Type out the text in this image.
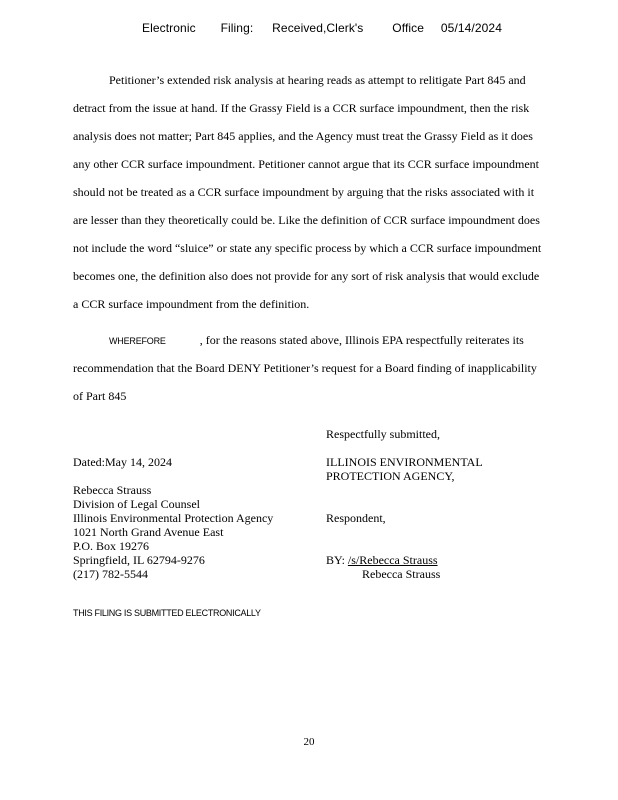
Electronic Filing: Received,Clerk's Office 05/14/2024
Petitioner’s extended risk analysis at hearing reads as attempt to relitigate Part 845 and
detract from the issue at hand. If the Grassy Field is a CCR surface impoundment, then the risk
analysis does not matter; Part 845 applies, and the Agency must treat the Grassy Field as it does
any other CCR surface impoundment. Petitioner cannot argue that its CCR surface impoundment
should not be treated as a CCR surface impoundment by arguing that the risks associated with it
are lesser than they theoretically could be. Like the definition of CCR surface impoundment does
not include the word “sluice” or state any specific process by which a CCR surface impoundment
becomes one, the definition also does not provide for any sort of risk analysis that would exclude
a CCR surface impoundment from the definition.
WHEREFORE	, for the reasons stated above, Illinois EPA respectfully reiterates its
recommendation that the Board DENY Petitioner’s request for a Board finding of inapplicability
of Part 845
Respectfully submitted,
Dated:May 14, 2024	ILLINOIS ENVIRONMENTAL
PROTECTION AGENCY,
Rebecca Strauss
Division of Legal Counsel
Illinois Environmental Protection Agency
1021 North Grand Avenue East
P.O. Box 19276
Springfield, IL 62794-9276
(217) 782-5544
Respondent,
BY: /s/Rebecca Strauss
Rebecca Strauss
THIS FILING IS SUBMITTED ELECTRONICALLY
20
